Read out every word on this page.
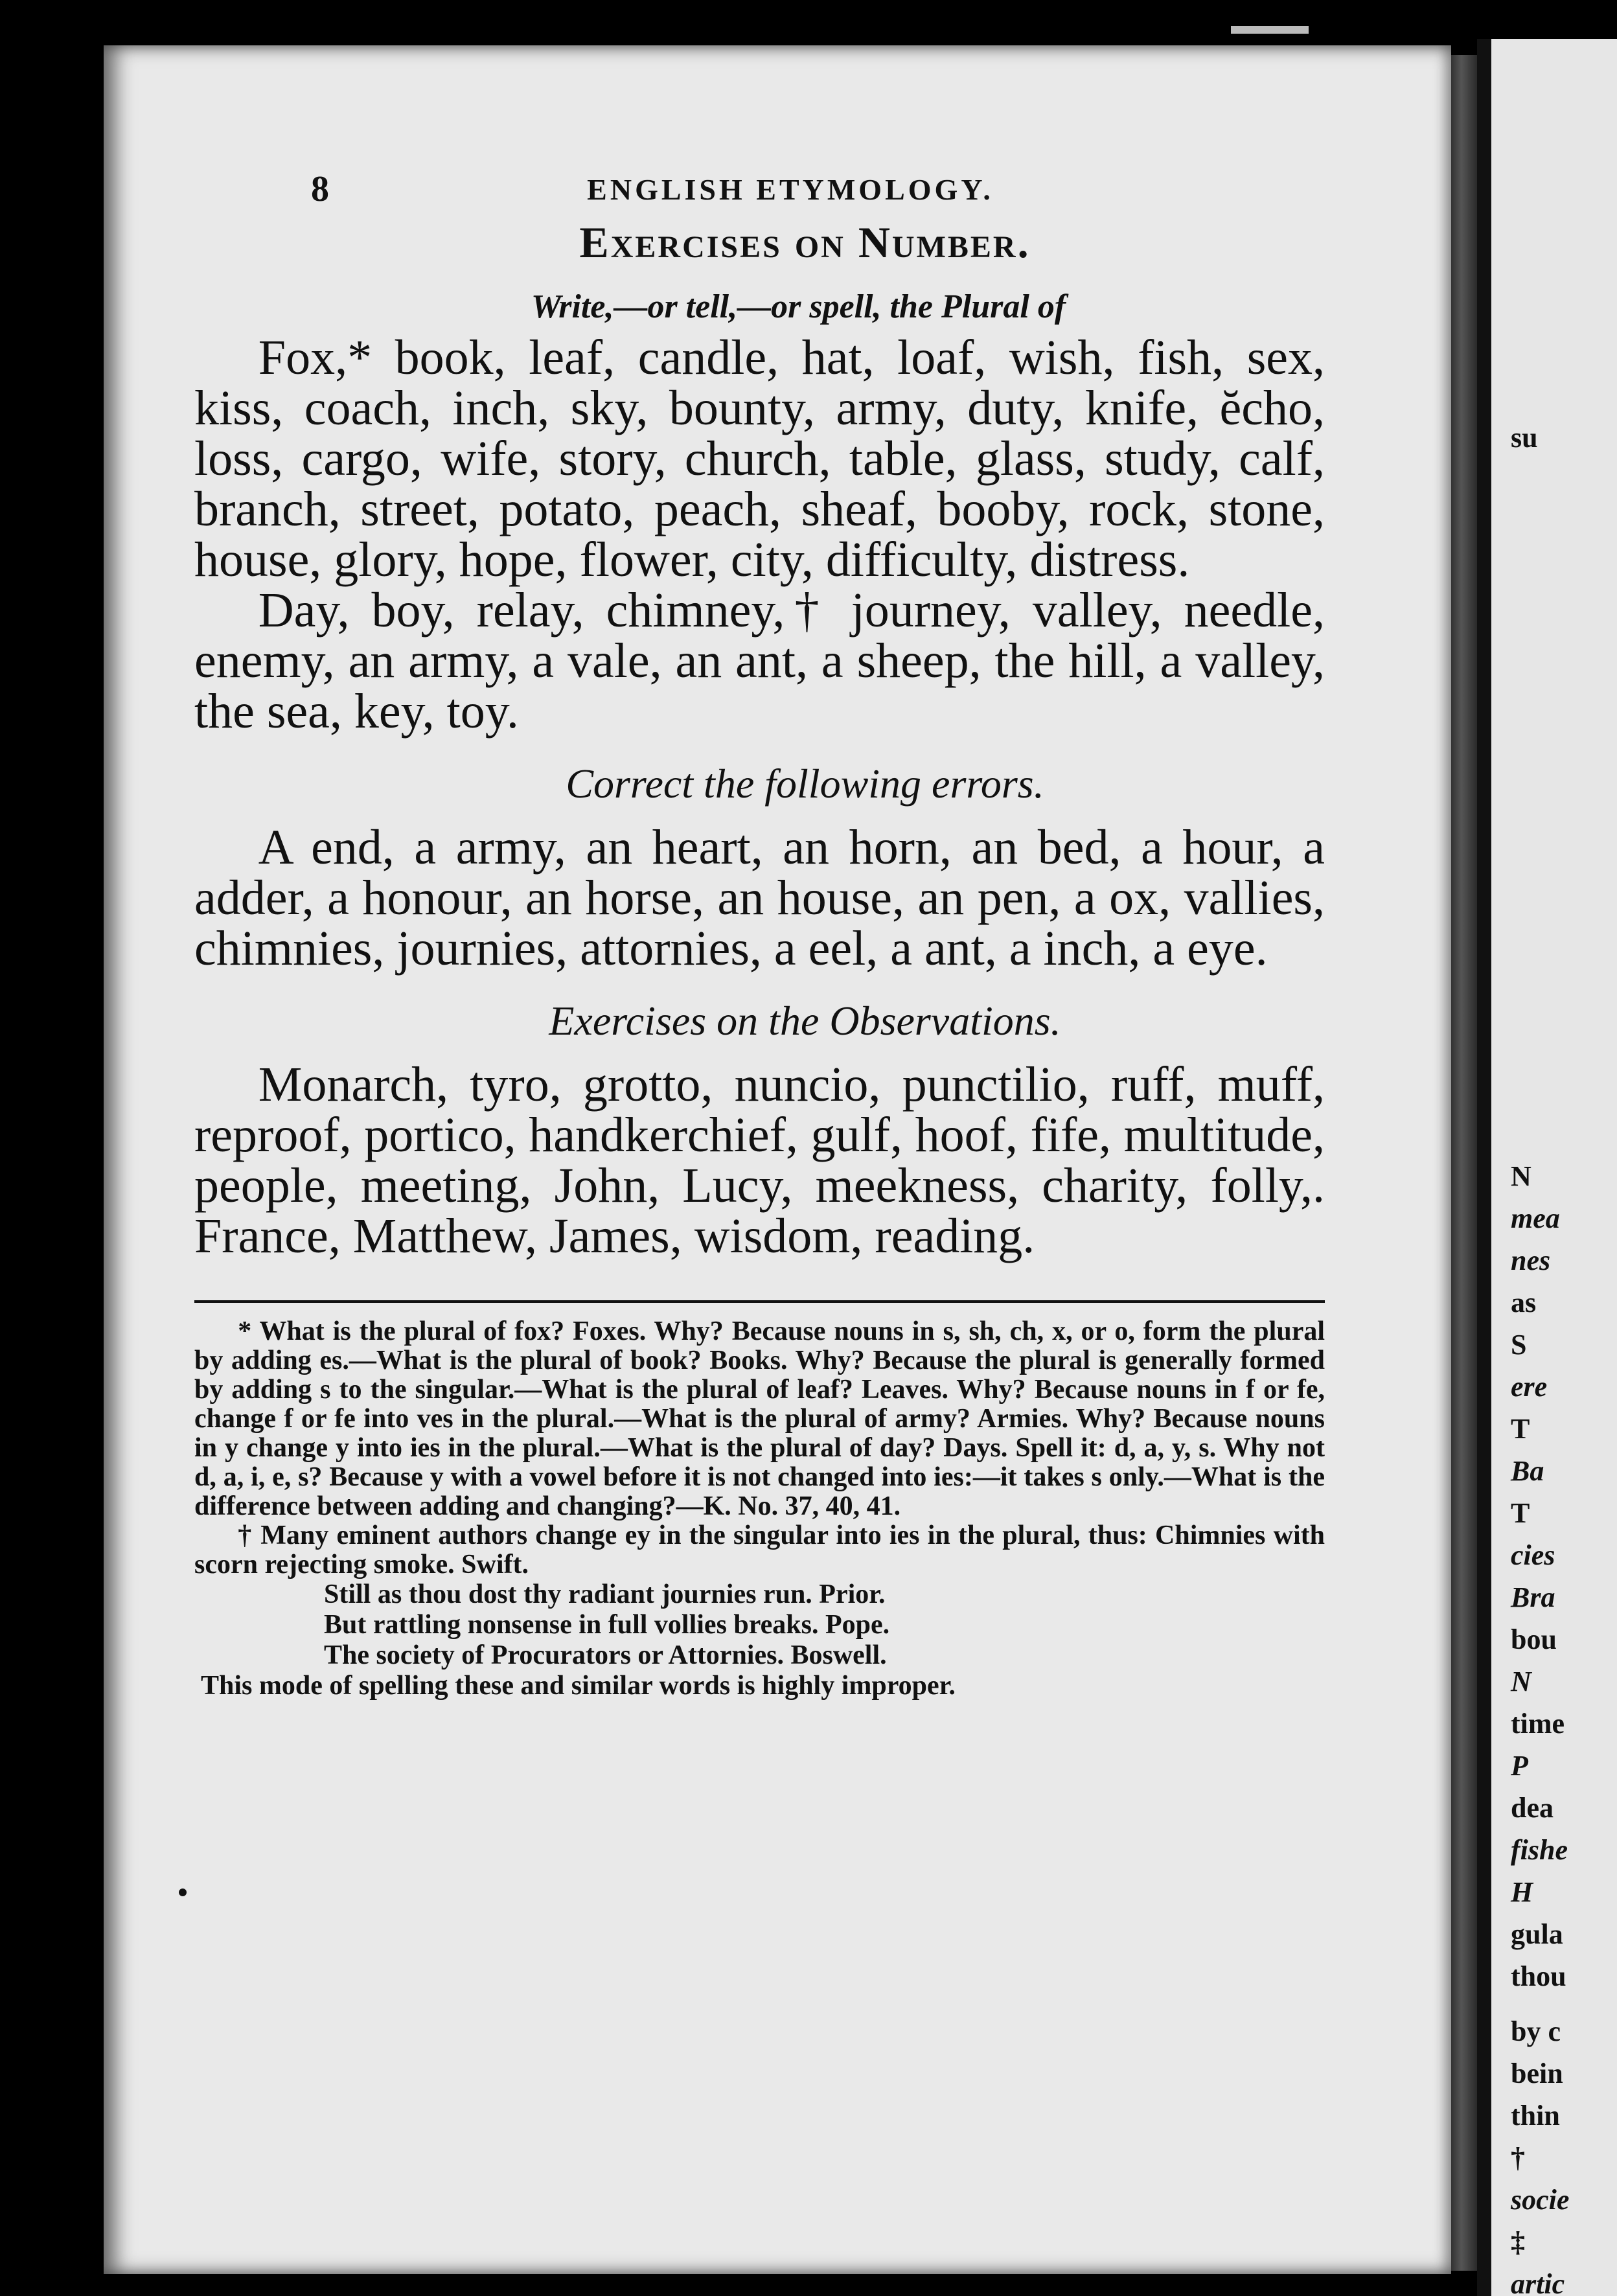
8	ENGLISH ETYMOLOGY.
Exercises on Number.
Write,—or tell,—or spell, the Plural of

Fox,* book, leaf, candle, hat, loaf, wish, fish, sex, kiss, coach, inch, sky, bounty, army, duty, knife, ĕcho, loss, cargo, wife, story, church, table, glass, study, calf, branch, street, potato, peach, sheaf, booby, rock, stone, house, glory, hope, flower, city, difficulty, distress.

Day, boy, relay, chimney,† journey, valley, needle, enemy, an army, a vale, an ant, a sheep, the hill, a valley, the sea, key, toy.

Correct the following errors.

A end, a army, an heart, an horn, an bed, a hour, a adder, a honour, an horse, an house, an pen, a ox, vallies, chimnies, journies, attornies, a eel, a ant, a inch, a eye.

Exercises on the Observations.

Monarch, tyro, grotto, nuncio, punctilio, ruff, muff, reproof, portico, handkerchief, gulf, hoof, fife, multitude, people, meeting, John, Lucy, meekness, charity, folly,. France, Matthew, James, wisdom, reading.

* What is the plural of fox? Foxes. Why? Because nouns in s, sh, ch, x, or o, form the plural by adding es.—What is the plural of book? Books. Why? Because the plural is generally formed by adding s to the singular.—What is the plural of leaf? Leaves. Why? Because nouns in f or fe, change f or fe into ves in the plural.—What is the plural of army? Armies. Why? Because nouns in y change y into ies in the plural.—What is the plural of day? Days. Spell it: d, a, y, s. Why not d, a, i, e, s? Because y with a vowel before it is not changed into ies:—it takes s only.—What is the difference between adding and changing?—K. No. 37, 40, 41.

† Many eminent authors change ey in the singular into ies in the plural, thus: Chimnies with scorn rejecting smoke. Swift.

Still as thou dost thy radiant journies run. Prior.

But rattling nonsense in full vollies breaks. Pope.

The society of Procurators or Attornies. Boswell.

This mode of spelling these and similar words is highly improper.

su
N
mea
nes
as
S
ere
T
Ba
T
cies
Bra
bou
N
time
P
dea
fishe
H
gula
thou
by c
bein
thin
†
socie
‡
artic
